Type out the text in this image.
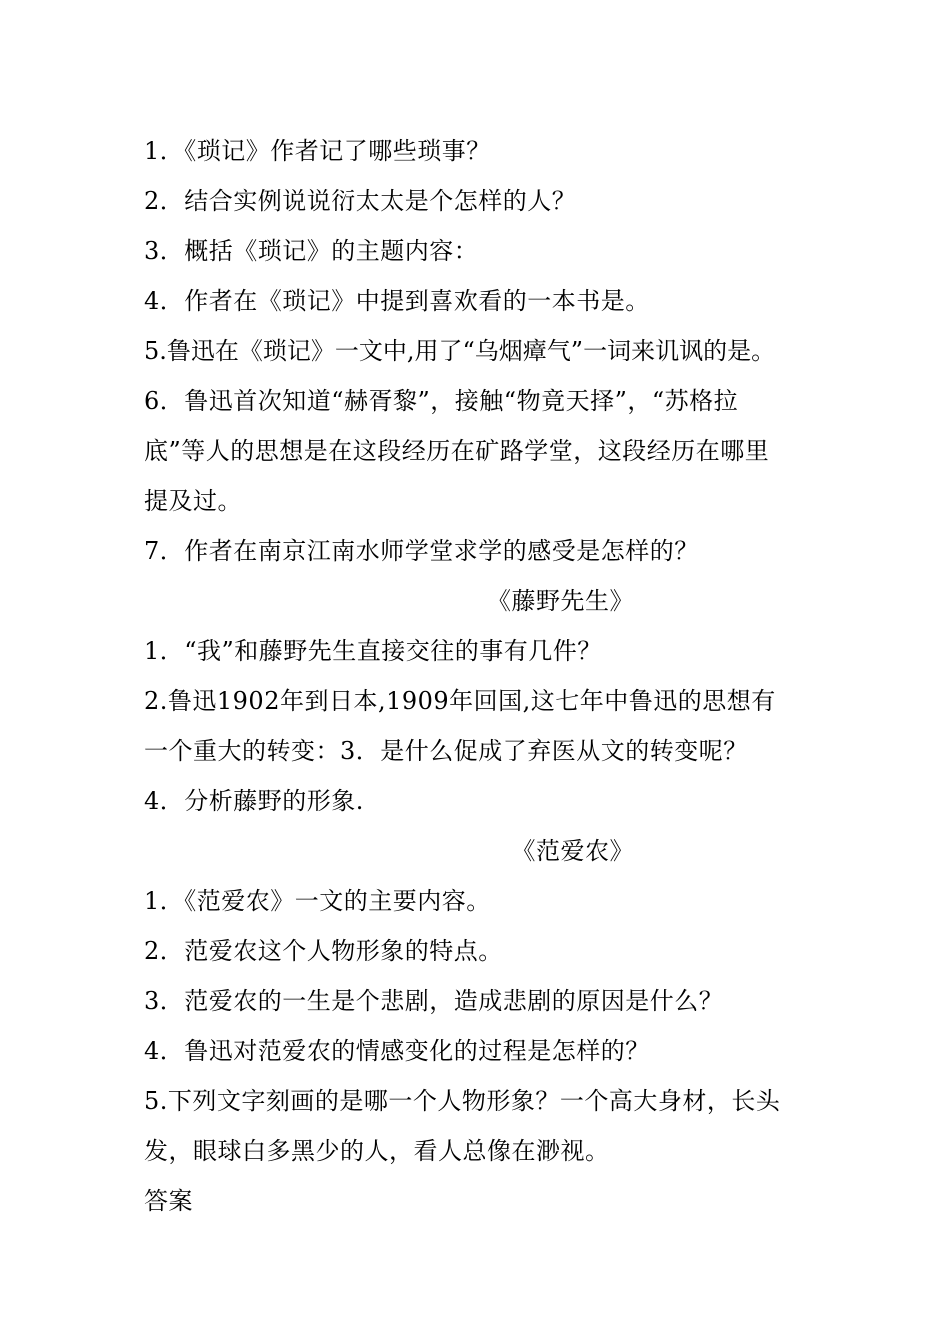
1．《琐记》作者记了哪些琐事？
2．结合实例说说衍太太是个怎样的人？
3．概括《琐记》的主题内容：
4．作者在《琐记》中提到喜欢看的一本书是。
5.鲁迅在《琐记》一文中,用了“乌烟瘴气”一词来讥讽的是。
6．鲁迅首次知道“赫胥黎”，接触“物竟天择”，“苏格拉
底”等人的思想是在这段经历在矿路学堂，这段经历在哪里
提及过。
7．作者在南京江南水师学堂求学的感受是怎样的？
《藤野先生》
1．“我”和藤野先生直接交往的事有几件？
2.鲁迅1902年到日本,1909年回国,这七年中鲁迅的思想有
一个重大的转变：3．是什么促成了弃医从文的转变呢？
4．分析藤野的形象.
《范爱农》
1．《范爱农》一文的主要内容。
2．范爱农这个人物形象的特点。
3．范爱农的一生是个悲剧，造成悲剧的原因是什么？
4．鲁迅对范爱农的情感变化的过程是怎样的？
5.下列文字刻画的是哪一个人物形象？一个高大身材，长头
发，眼球白多黑少的人，看人总像在渺视。
答案
